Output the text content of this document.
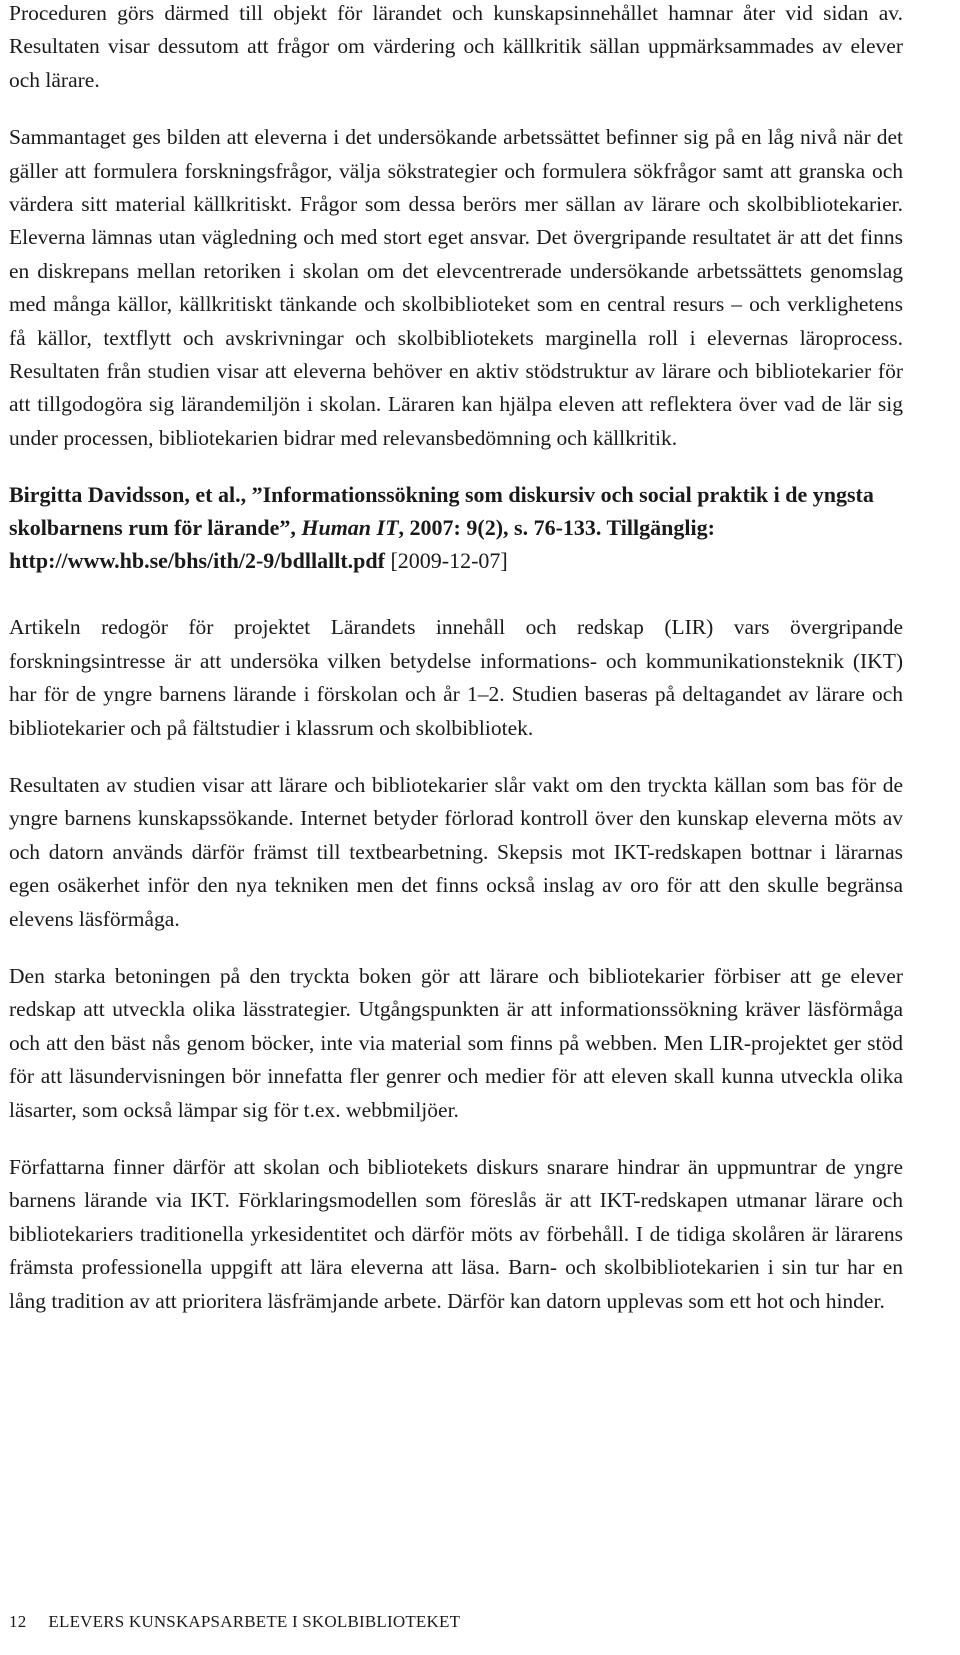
Proceduren görs därmed till objekt för lärandet och kunskapsinnehållet hamnar åter vid sidan av. Resultaten visar dessutom att frågor om värdering och källkritik sällan uppmärksammades av elever och lärare.

Sammantaget ges bilden att eleverna i det undersökande arbetssättet befinner sig på en låg nivå när det gäller att formulera forskningsfrågor, välja sökstrategier och formulera sökfrågor samt att granska och värdera sitt material källkritiskt. Frågor som dessa berörs mer sällan av lärare och skolbibliotekarier. Eleverna lämnas utan vägledning och med stort eget ansvar. Det övergripande resultatet är att det finns en diskrepans mellan retoriken i skolan om det elevcentrerade undersökande arbetssättets genomslag med många källor, källkritiskt tänkande och skolbiblioteket som en central resurs – och verklighetens få källor, textflytt och avskrivningar och skolbibliotekets marginella roll i elevernas läroprocess. Resultaten från studien visar att eleverna behöver en aktiv stödstruktur av lärare och bibliotekarier för att tillgodogöra sig lärandemiljön i skolan. Läraren kan hjälpa eleven att reflektera över vad de lär sig under processen, bibliotekarien bidrar med relevansbedömning och källkritik.

Birgitta Davidsson, et al., ”Informationssökning som diskursiv och social praktik i de yngsta skolbarnens rum för lärande”, Human IT, 2007: 9(2), s. 76-133. Tillgänglig: http://www.hb.se/bhs/ith/2-9/bdllallt.pdf [2009-12-07]

Artikeln redogör för projektet Lärandets innehåll och redskap (LIR) vars övergripande forskningsintresse är att undersöka vilken betydelse informations- och kommunikationsteknik (IKT) har för de yngre barnens lärande i förskolan och år 1–2. Studien baseras på deltagandet av lärare och bibliotekarier och på fältstudier i klassrum och skolbibliotek.

Resultaten av studien visar att lärare och bibliotekarier slår vakt om den tryckta källan som bas för de yngre barnens kunskapssökande. Internet betyder förlorad kontroll över den kunskap eleverna möts av och datorn används därför främst till textbearbetning. Skepsis mot IKT-redskapen bottnar i lärarnas egen osäkerhet inför den nya tekniken men det finns också inslag av oro för att den skulle begränsa elevens läsförmåga.

Den starka betoningen på den tryckta boken gör att lärare och bibliotekarier förbiser att ge elever redskap att utveckla olika lässtrategier. Utgångspunkten är att informationssökning kräver läsförmåga och att den bäst nås genom böcker, inte via material som finns på webben. Men LIR-projektet ger stöd för att läsundervisningen bör innefatta fler genrer och medier för att eleven skall kunna utveckla olika läsarter, som också lämpar sig för t.ex. webbmiljöer.

Författarna finner därför att skolan och bibliotekets diskurs snarare hindrar än uppmuntrar de yngre barnens lärande via IKT. Förklaringsmodellen som föreslås är att IKT-redskapen utmanar lärare och bibliotekariers traditionella yrkesidentitet och därför möts av förbehåll. I de tidiga skolåren är lärarens främsta professionella uppgift att lära eleverna att läsa. Barn- och skolbibliotekarien i sin tur har en lång tradition av att prioritera läsfrämjande arbete. Därför kan datorn upplevas som ett hot och hinder.

12 ELEVERS KUNSKAPSARBETE I SKOLBIBLIOTEKET
